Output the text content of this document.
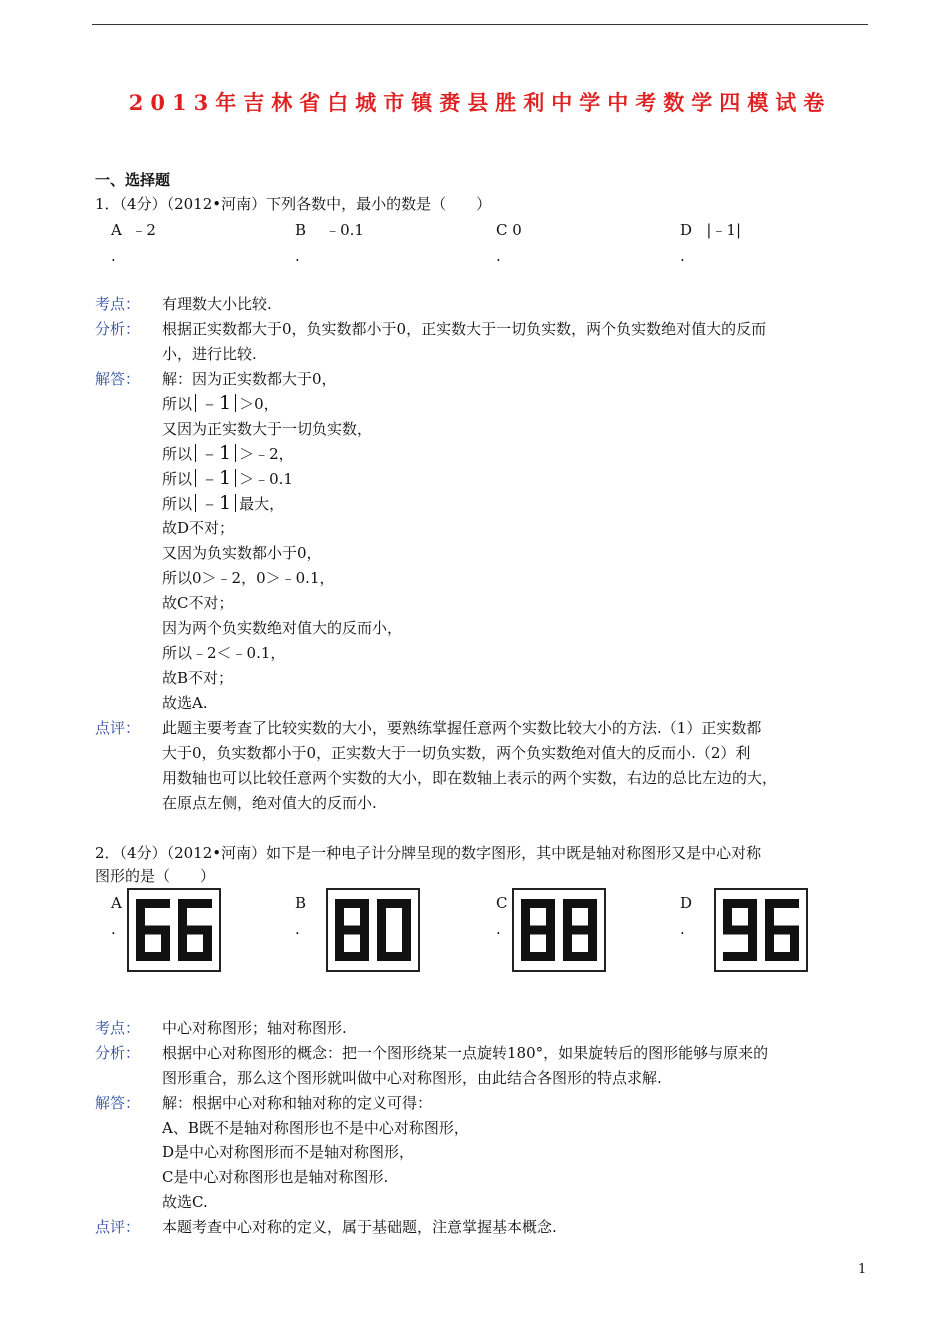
2013年吉林省白城市镇赉县胜利中学中考数学四模试卷
一、选择题
1．（4分）（2012•河南）下列各数中，最小的数是（　　）
A ﹣2
.
B ﹣0.1
.
C 0
.
D |﹣1|
.
考点： 有理数大小比较.
分析： 根据正实数都大于0，负实数都小于0，正实数大于一切负实数，两个负实数绝对值大的反而
小，进行比较.
解答： 解：因为正实数都大于0，
所以 ﹣1 ＞0，
又因为正实数大于一切负实数，
所以 ﹣1 ＞﹣2，
所以 ﹣1 ＞﹣0.1
所以 ﹣1 最大，
故D不对；
又因为负实数都小于0，
所以0＞﹣2，0＞﹣0.1，
故C不对；
因为两个负实数绝对值大的反而小，
所以﹣2＜﹣0.1，
故B不对；
故选A.
点评： 此题主要考查了比较实数的大小，要熟练掌握任意两个实数比较大小的方法.（1）正实数都
大于0，负实数都小于0，正实数大于一切负实数，两个负实数绝对值大的反而小.（2）利
用数轴也可以比较任意两个实数的大小，即在数轴上表示的两个实数，右边的总比左边的大，
在原点左侧，绝对值大的反而小.
2．（4分）（2012•河南）如下是一种电子计分牌呈现的数字图形，其中既是轴对称图形又是中心对称
图形的是（　　）
A
.
B
.
C
.
D
.
考点： 中心对称图形；轴对称图形.
分析： 根据中心对称图形的概念：把一个图形绕某一点旋转180°，如果旋转后的图形能够与原来的
图形重合，那么这个图形就叫做中心对称图形，由此结合各图形的特点求解.
解答： 解：根据中心对称和轴对称的定义可得：
A、B既不是轴对称图形也不是中心对称图形，
D是中心对称图形而不是轴对称图形，
C是中心对称图形也是轴对称图形.
故选C.
点评： 本题考查中心对称的定义，属于基础题，注意掌握基本概念.
1
